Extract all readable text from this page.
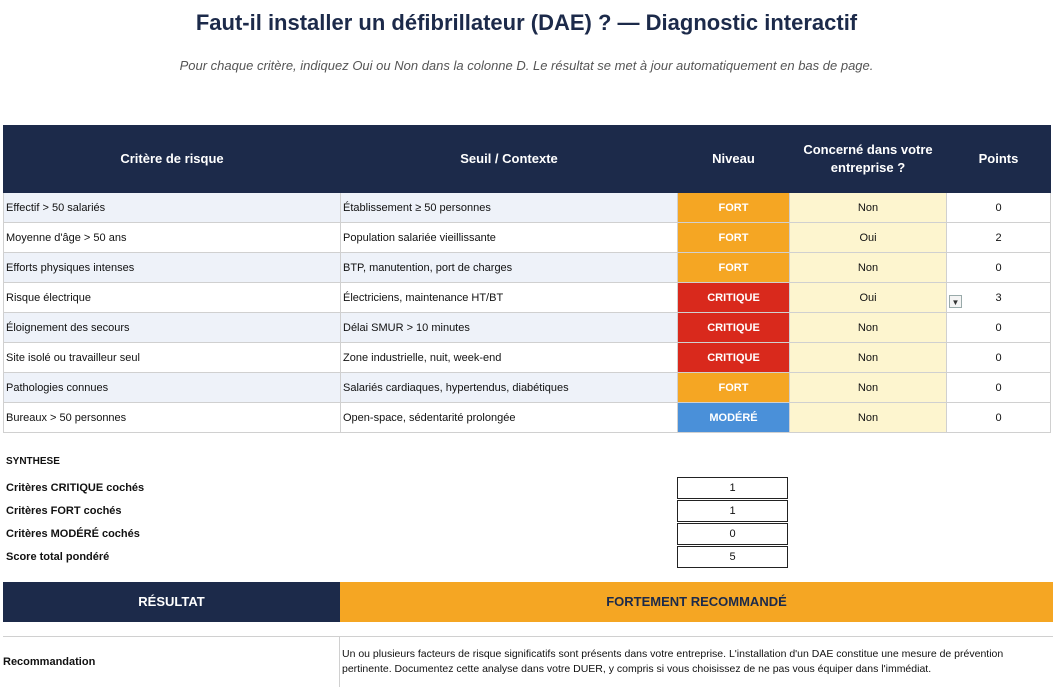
Faut-il installer un défibrillateur (DAE) ? — Diagnostic interactif
Pour chaque critère, indiquez Oui ou Non dans la colonne D. Le résultat se met à jour automatiquement en bas de page.
Critère de risque	Seuil / Contexte	Niveau	Concerné dans votre entreprise ?	Points
Effectif > 50 salariés	Établissement ≥ 50 personnes	FORT	Non	0
Moyenne d'âge > 50 ans	Population salariée vieillissante	FORT	Oui	2
Efforts physiques intenses	BTP, manutention, port de charges	FORT	Non	0
Risque électrique	Électriciens, maintenance HT/BT	CRITIQUE	Oui	▼ 3
Éloignement des secours	Délai SMUR > 10 minutes	CRITIQUE	Non	0
Site isolé ou travailleur seul	Zone industrielle, nuit, week-end	CRITIQUE	Non	0
Pathologies connues	Salariés cardiaques, hypertendus, diabétiques	FORT	Non	0
Bureaux > 50 personnes	Open-space, sédentarité prolongée	MODÉRÉ	Non	0
SYNTHESE
Critères CRITIQUE cochés	1
Critères FORT cochés	1
Critères MODÉRÉ cochés	0
Score total pondéré	5
RÉSULTAT	FORTEMENT RECOMMANDÉ
Recommandation
Un ou plusieurs facteurs de risque significatifs sont présents dans votre entreprise. L'installation d'un DAE constitue une mesure de prévention pertinente. Documentez cette analyse dans votre DUER, y compris si vous choisissez de ne pas vous équiper dans l'immédiat.
